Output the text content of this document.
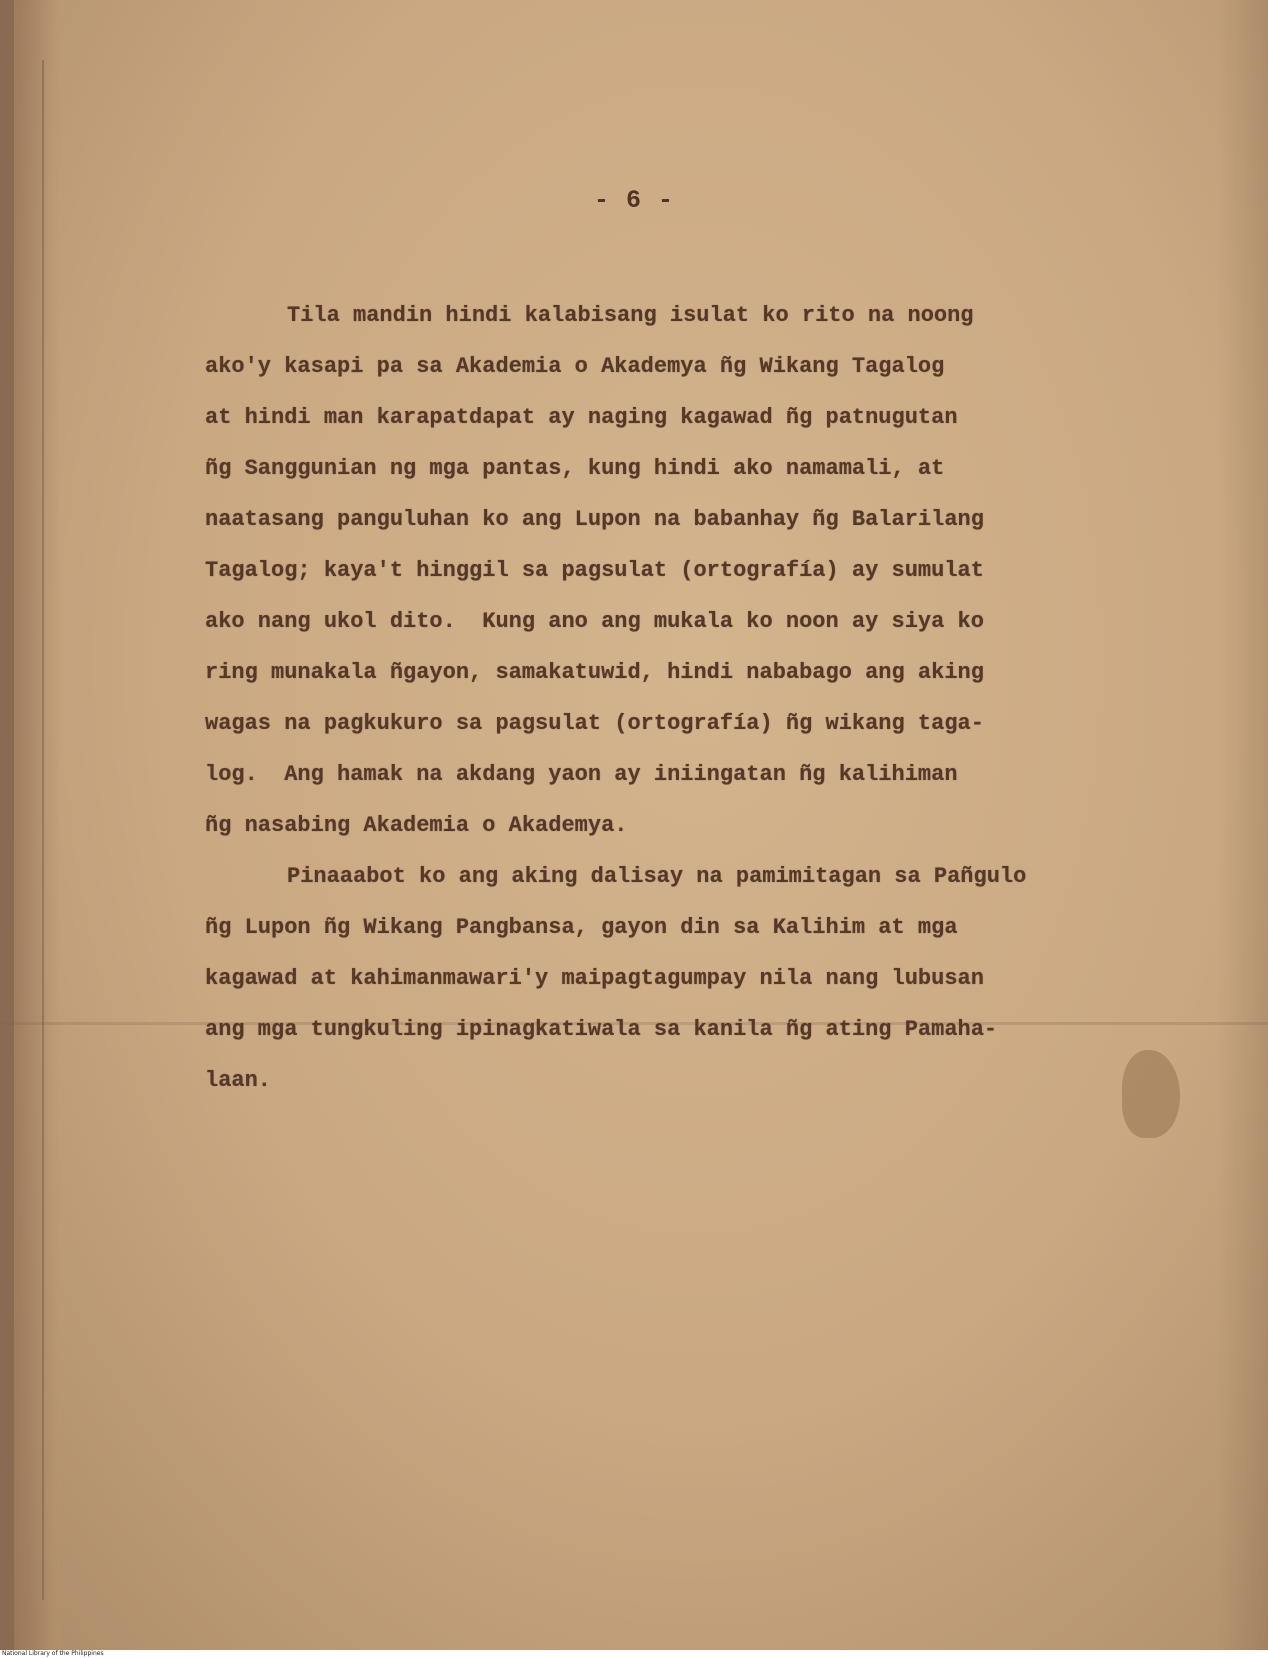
- 6 -
Tila mandin hindi kalabisang isulat ko rito na noong
ako'y kasapi pa sa Akademia o Akademya ñg Wikang Tagalog
at hindi man karapatdapat ay naging kagawad ñg patnugutan
ñg Sanggunian ng mga pantas, kung hindi ako namamali, at
naatasang panguluhan ko ang Lupon na babanhay ñg Balarilang
Tagalog; kaya't hinggil sa pagsulat (ortografía) ay sumulat
ako nang ukol dito.  Kung ano ang mukala ko noon ay siya ko
ring munakala ñgayon, samakatuwid, hindi nababago ang aking
wagas na pagkukuro sa pagsulat (ortografía) ñg wikang taga-
log.  Ang hamak na akdang yaon ay iniingatan ñg kalihiman
ñg nasabing Akademia o Akademya.
Pinaaabot ko ang aking dalisay na pamimitagan sa Pañgulo
ñg Lupon ñg Wikang Pangbansa, gayon din sa Kalihim at mga
kagawad at kahimanmawari'y maipagtagumpay nila nang lubusan
ang mga tungkuling ipinagkatiwala sa kanila ñg ating Pamaha-
laan.
National Library of the Philippines
